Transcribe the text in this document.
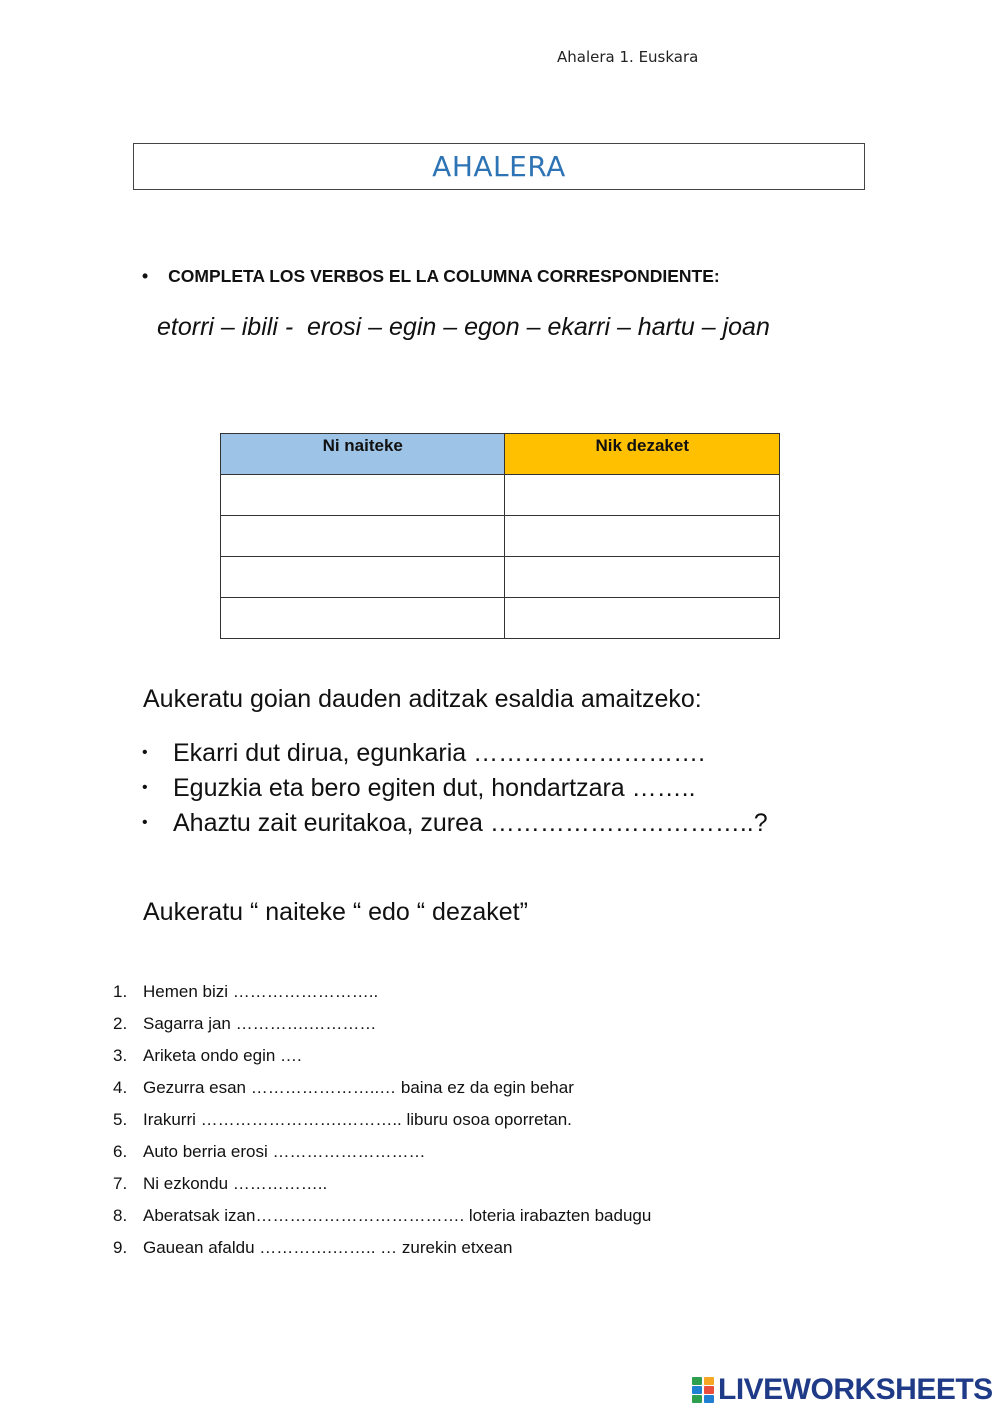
Ahalera 1. Euskara
AHALERA
• COMPLETA LOS VERBOS EL LA COLUMNA CORRESPONDIENTE:
etorri – ibili -  erosi – egin – egon – ekarri – hartu – joan
Ni naiteke	Nik dezaket

Aukeratu goian dauden aditzak esaldia amaitzeko:
•	Ekarri dut dirua, egunkaria ……………………….
•	Eguzkia eta bero egiten dut, hondartzara ……..
•	Ahaztu zait euritakoa, zurea …………………………..?
Aukeratu “ naiteke “ edo “ dezaket”
1. Hemen bizi ……………………..
2. Sagarra jan ………….…………
3. Ariketa ondo egin ….
4. Gezurra esan …………………..… baina ez da egin behar
5. Irakurri …………………….……….. liburu osoa oporretan.
6. Auto berria erosi ………………………
7. Ni ezkondu ……………..
8. Aberatsak izan………………………………. loteria irabazten badugu
9. Gauean afaldu ………….…….. … zurekin etxean
LIVEWORKSHEETS
